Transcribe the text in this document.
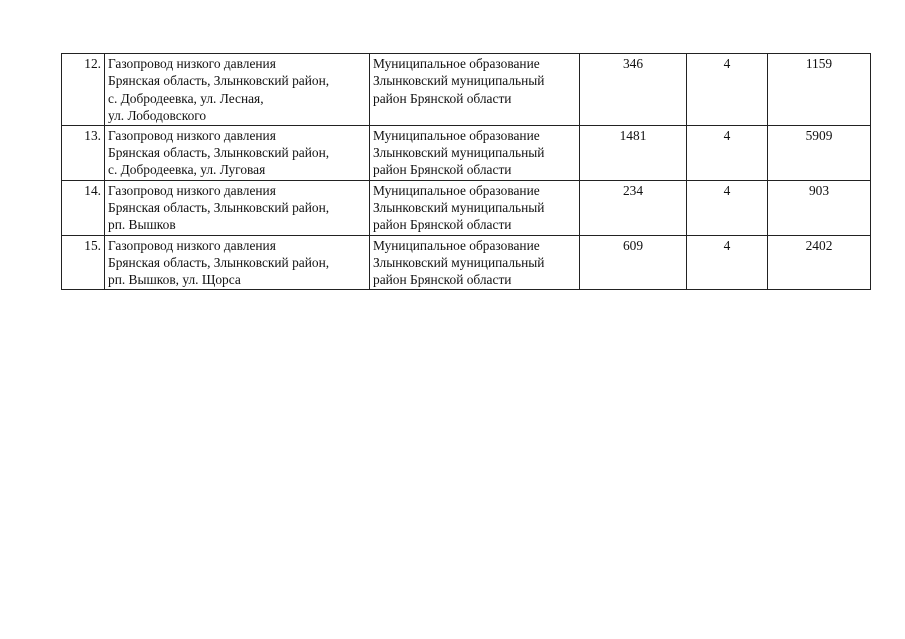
12.	Газопровод низкого давления
Брянская область, Злынковский район,
с. Добродеевка, ул. Лесная,
ул. Лободовского	Муниципальное образование
Злынковский муниципальный
район Брянской области	346	4	1159
13.	Газопровод низкого давления
Брянская область, Злынковский район,
с. Добродеевка, ул. Луговая	Муниципальное образование
Злынковский муниципальный
район Брянской области	1481	4	5909
14.	Газопровод низкого давления
Брянская область, Злынковский район,
рп. Вышков	Муниципальное образование
Злынковский муниципальный
район Брянской области	234	4	903
15.	Газопровод низкого давления
Брянская область, Злынковский район,
рп. Вышков, ул. Щорса	Муниципальное образование
Злынковский муниципальный
район Брянской области	609	4	2402
